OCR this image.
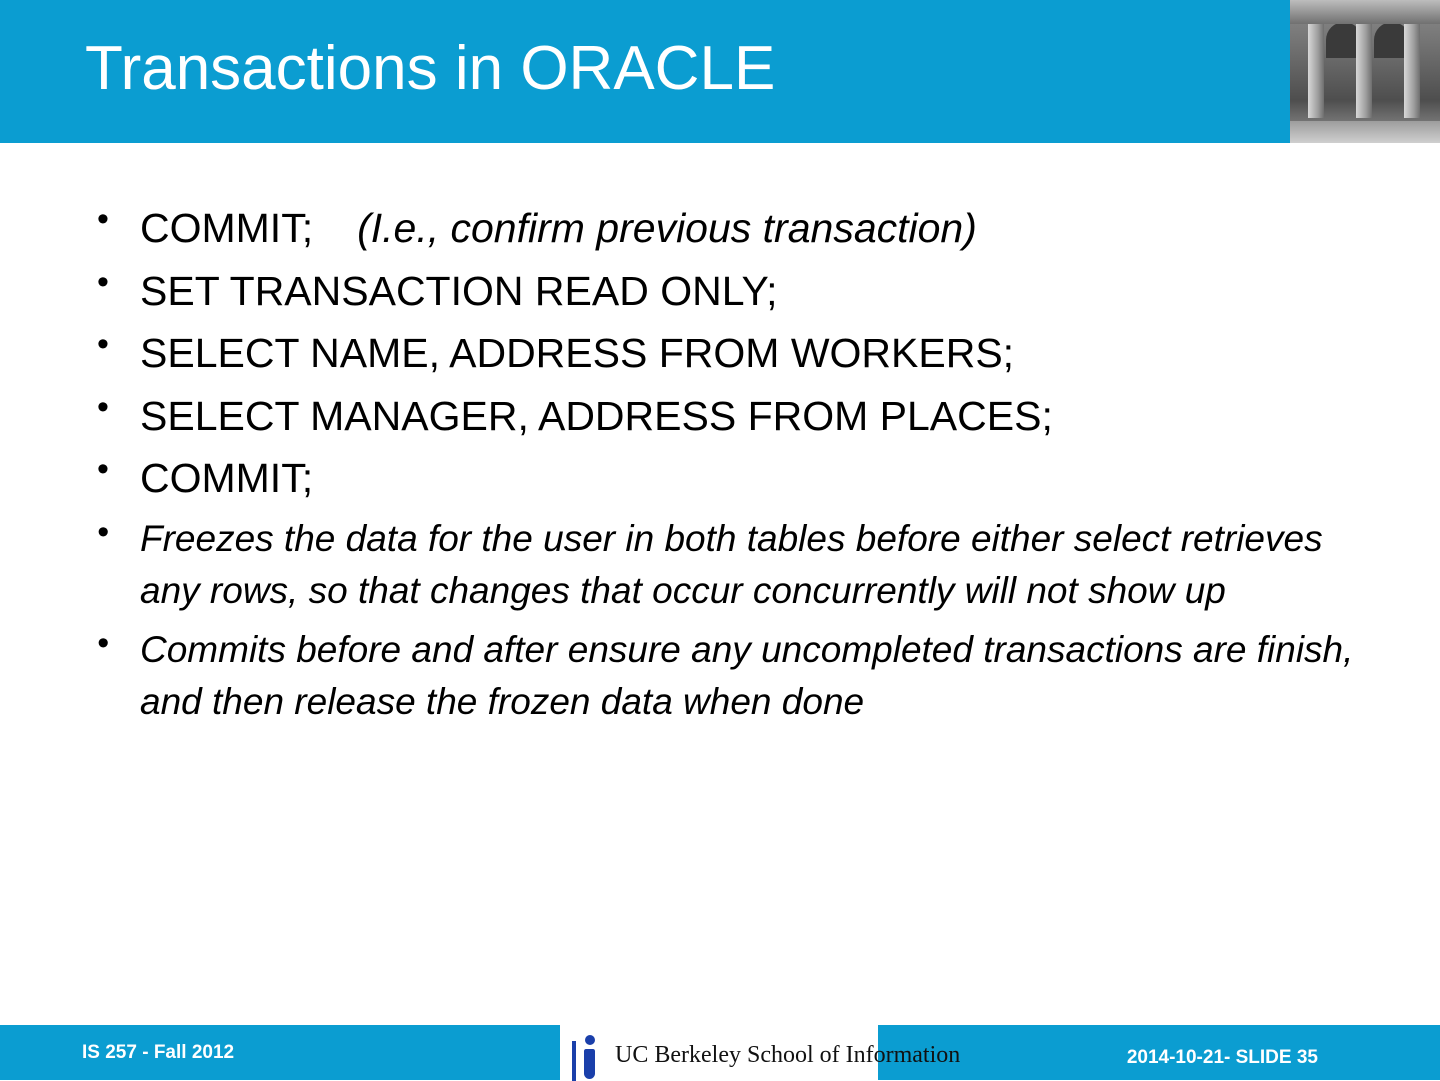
Transactions in ORACLE
• COMMIT; (I.e., confirm previous transaction)
• SET TRANSACTION READ ONLY;
• SELECT NAME, ADDRESS FROM WORKERS;
• SELECT MANAGER, ADDRESS FROM PLACES;
• COMMIT;
• Freezes the data for the user in both tables before either select retrieves any rows, so that changes that occur concurrently will not show up
• Commits before and after ensure any uncompleted transactions are finish, and then release the frozen data when done
IS 257 - Fall 2012	UC Berkeley School of Information	2014-10-21- SLIDE 35
